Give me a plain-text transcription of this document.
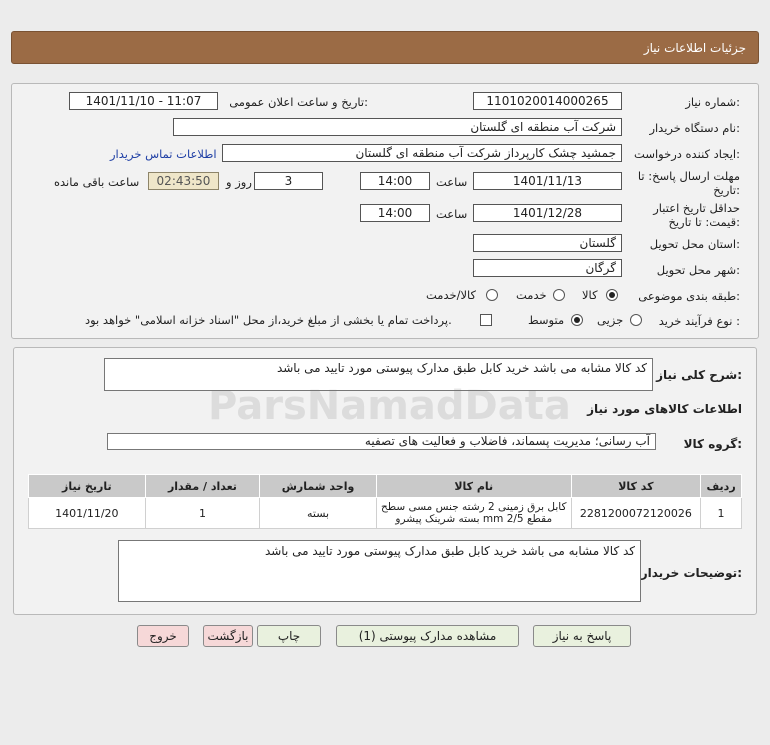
جزئیات اطلاعات نیاز
شماره نیاز:
1101020014000265
تاریخ و ساعت اعلان عمومی:
1401/11/10 - 11:07
نام دستگاه خریدار:
شرکت آب منطقه ای گلستان
ایجاد کننده درخواست:
جمشید چشک کارپرداز شرکت آب منطقه ای گلستان
اطلاعات تماس خریدار
مهلت ارسال پاسخ: تا
تاریخ:
1401/11/13
ساعت
14:00
3
روز و
02:43:50
ساعت باقی مانده
حداقل تاریخ اعتبار
قیمت: تا تاریخ:
1401/12/28
ساعت
14:00
استان محل تحویل:
گلستان
شهر محل تحویل:
گرگان
طبقه بندی موضوعی:
کالا
خدمت
کالا/خدمت
نوع فرآیند خرید :
جزیی
متوسط
پرداخت تمام یا بخشی از مبلغ خرید،از محل "اسناد خزانه اسلامی" خواهد بود.
شرح کلی نیاز:
کد کالا مشابه می باشد خرید کابل طبق مدارک پیوستی مورد تایید می باشد
اطلاعات کالاهای مورد نیاز
گروه کالا:
آب رسانی؛ مدیریت پسماند، فاضلاب و فعالیت های تصفیه
ردیف	کد کالا	نام کالا	واحد شمارش	تعداد / مقدار	تاریخ نیاز
1	2281200072120026	کابل برق زمینی 2 رشته جنس مسی سطح مقطع mm 2/5 بسته شرینک پیشرو	بسته	1	1401/11/20
توضیحات خریدار:
کد کالا مشابه می باشد خرید کابل طبق مدارک پیوستی مورد تایید می باشد
پاسخ به نیاز
مشاهده مدارک پیوستی (1)
چاپ
بازگشت
خروج
